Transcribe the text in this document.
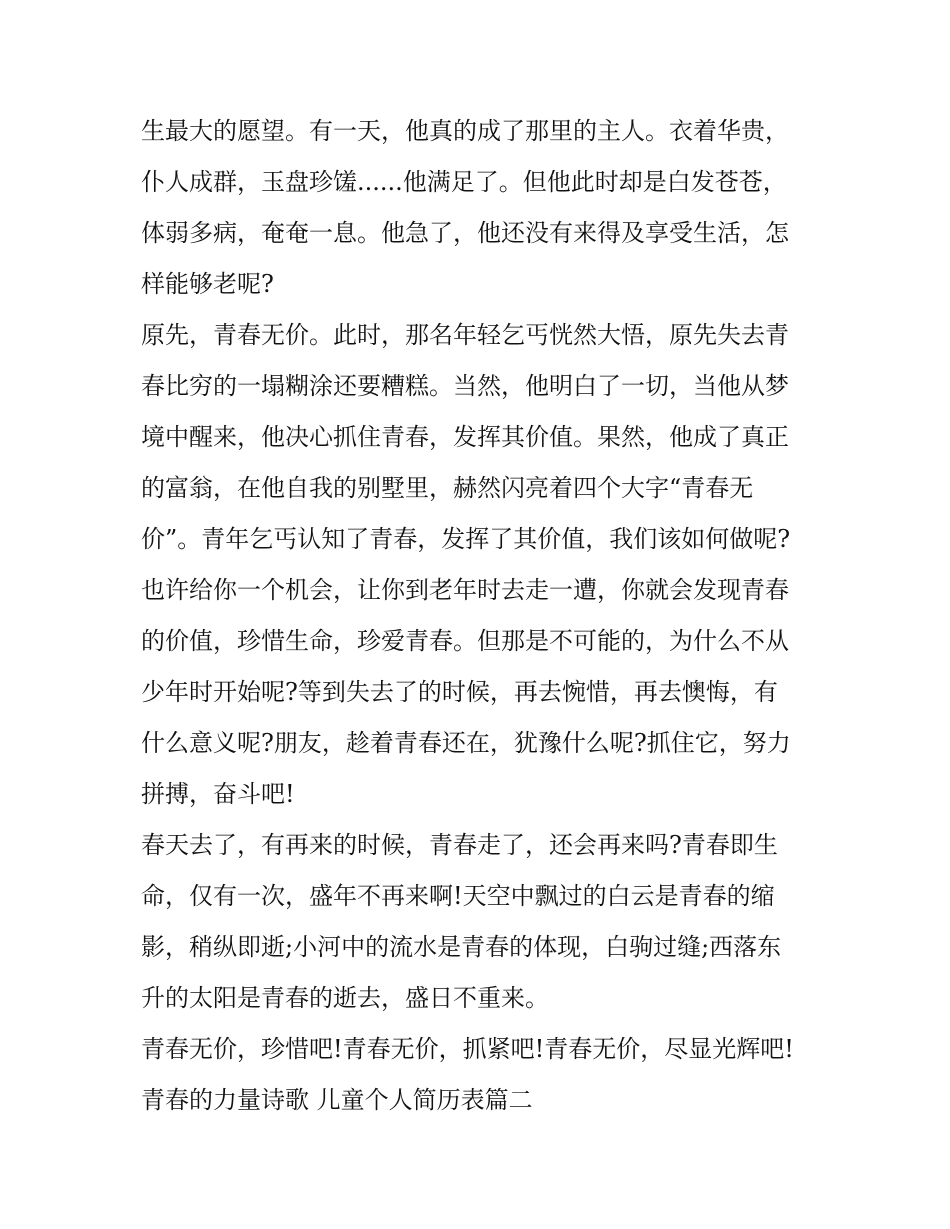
生最大的愿望。有一天，他真的成了那里的主人。衣着华贵，
仆人成群，玉盘珍馐......他满足了。但他此时却是白发苍苍，
体弱多病，奄奄一息。他急了，他还没有来得及享受生活，怎
样能够老呢?
原先，青春无价。此时，那名年轻乞丐恍然大悟，原先失去青
春比穷的一塌糊涂还要糟糕。当然，他明白了一切，当他从梦
境中醒来，他决心抓住青春，发挥其价值。果然，他成了真正
的富翁，在他自我的别墅里，赫然闪亮着四个大字“青春无
价”。青年乞丐认知了青春，发挥了其价值，我们该如何做呢?
也许给你一个机会，让你到老年时去走一遭，你就会发现青春
的价值，珍惜生命，珍爱青春。但那是不可能的，为什么不从
少年时开始呢?等到失去了的时候，再去惋惜，再去懊悔，有
什么意义呢?朋友，趁着青春还在，犹豫什么呢?抓住它，努力
拼搏，奋斗吧!
春天去了，有再来的时候，青春走了，还会再来吗?青春即生
命，仅有一次，盛年不再来啊!天空中飘过的白云是青春的缩
影，稍纵即逝;小河中的流水是青春的体现，白驹过缝;西落东
升的太阳是青春的逝去，盛日不重来。
青春无价，珍惜吧!青春无价，抓紧吧!青春无价，尽显光辉吧!
青春的力量诗歌 儿童个人简历表篇二
